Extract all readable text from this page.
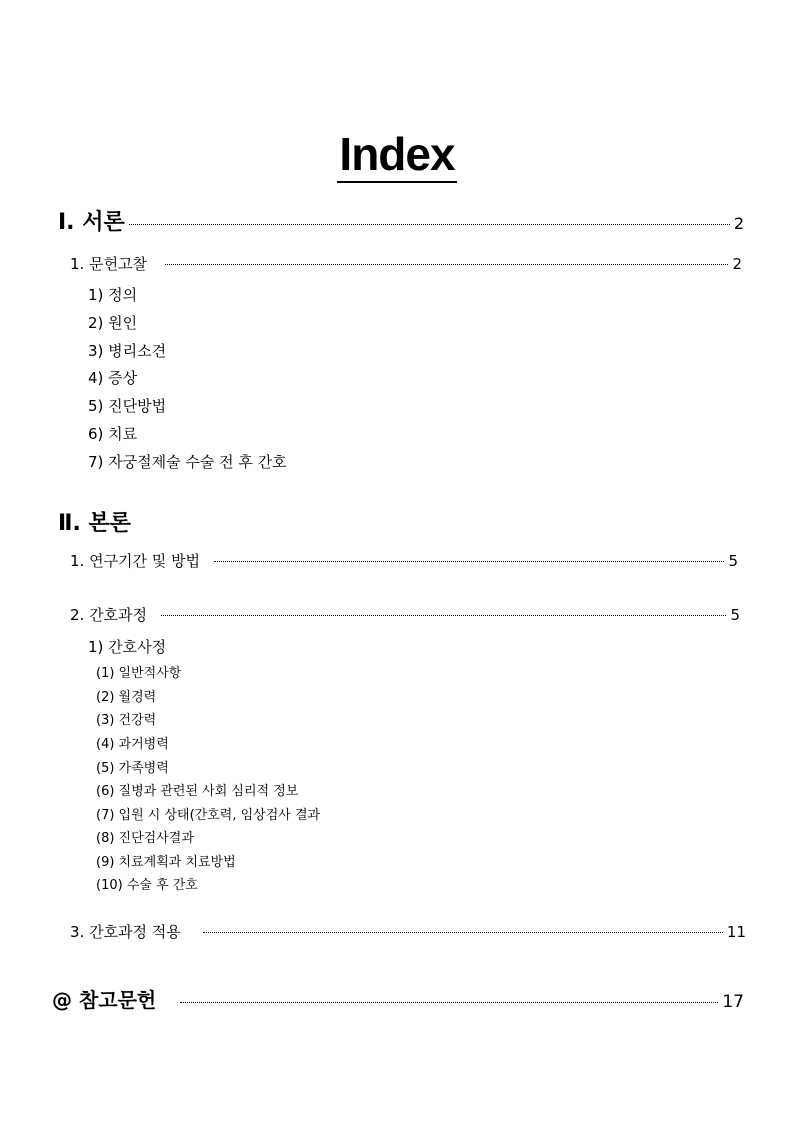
Index
Ⅰ. 서론	2
1. 문헌고찰	2
1) 정의
2) 원인
3) 병리소견
4) 증상
5) 진단방법
6) 치료
7) 자궁절제술 수술 전 후 간호
Ⅱ. 본론
1. 연구기간 및 방법	5
2. 간호과정	5
1) 간호사정
(1) 일반적사항
(2) 월경력
(3) 건강력
(4) 과거병력
(5) 가족병력
(6) 질병과 관련된 사회 심리적 정보
(7) 입원 시 상태(간호력, 임상검사 결과
(8) 진단검사결과
(9) 치료계획과 치료방법
(10) 수술 후 간호
3. 간호과정 적용	11
@ 참고문헌	17
